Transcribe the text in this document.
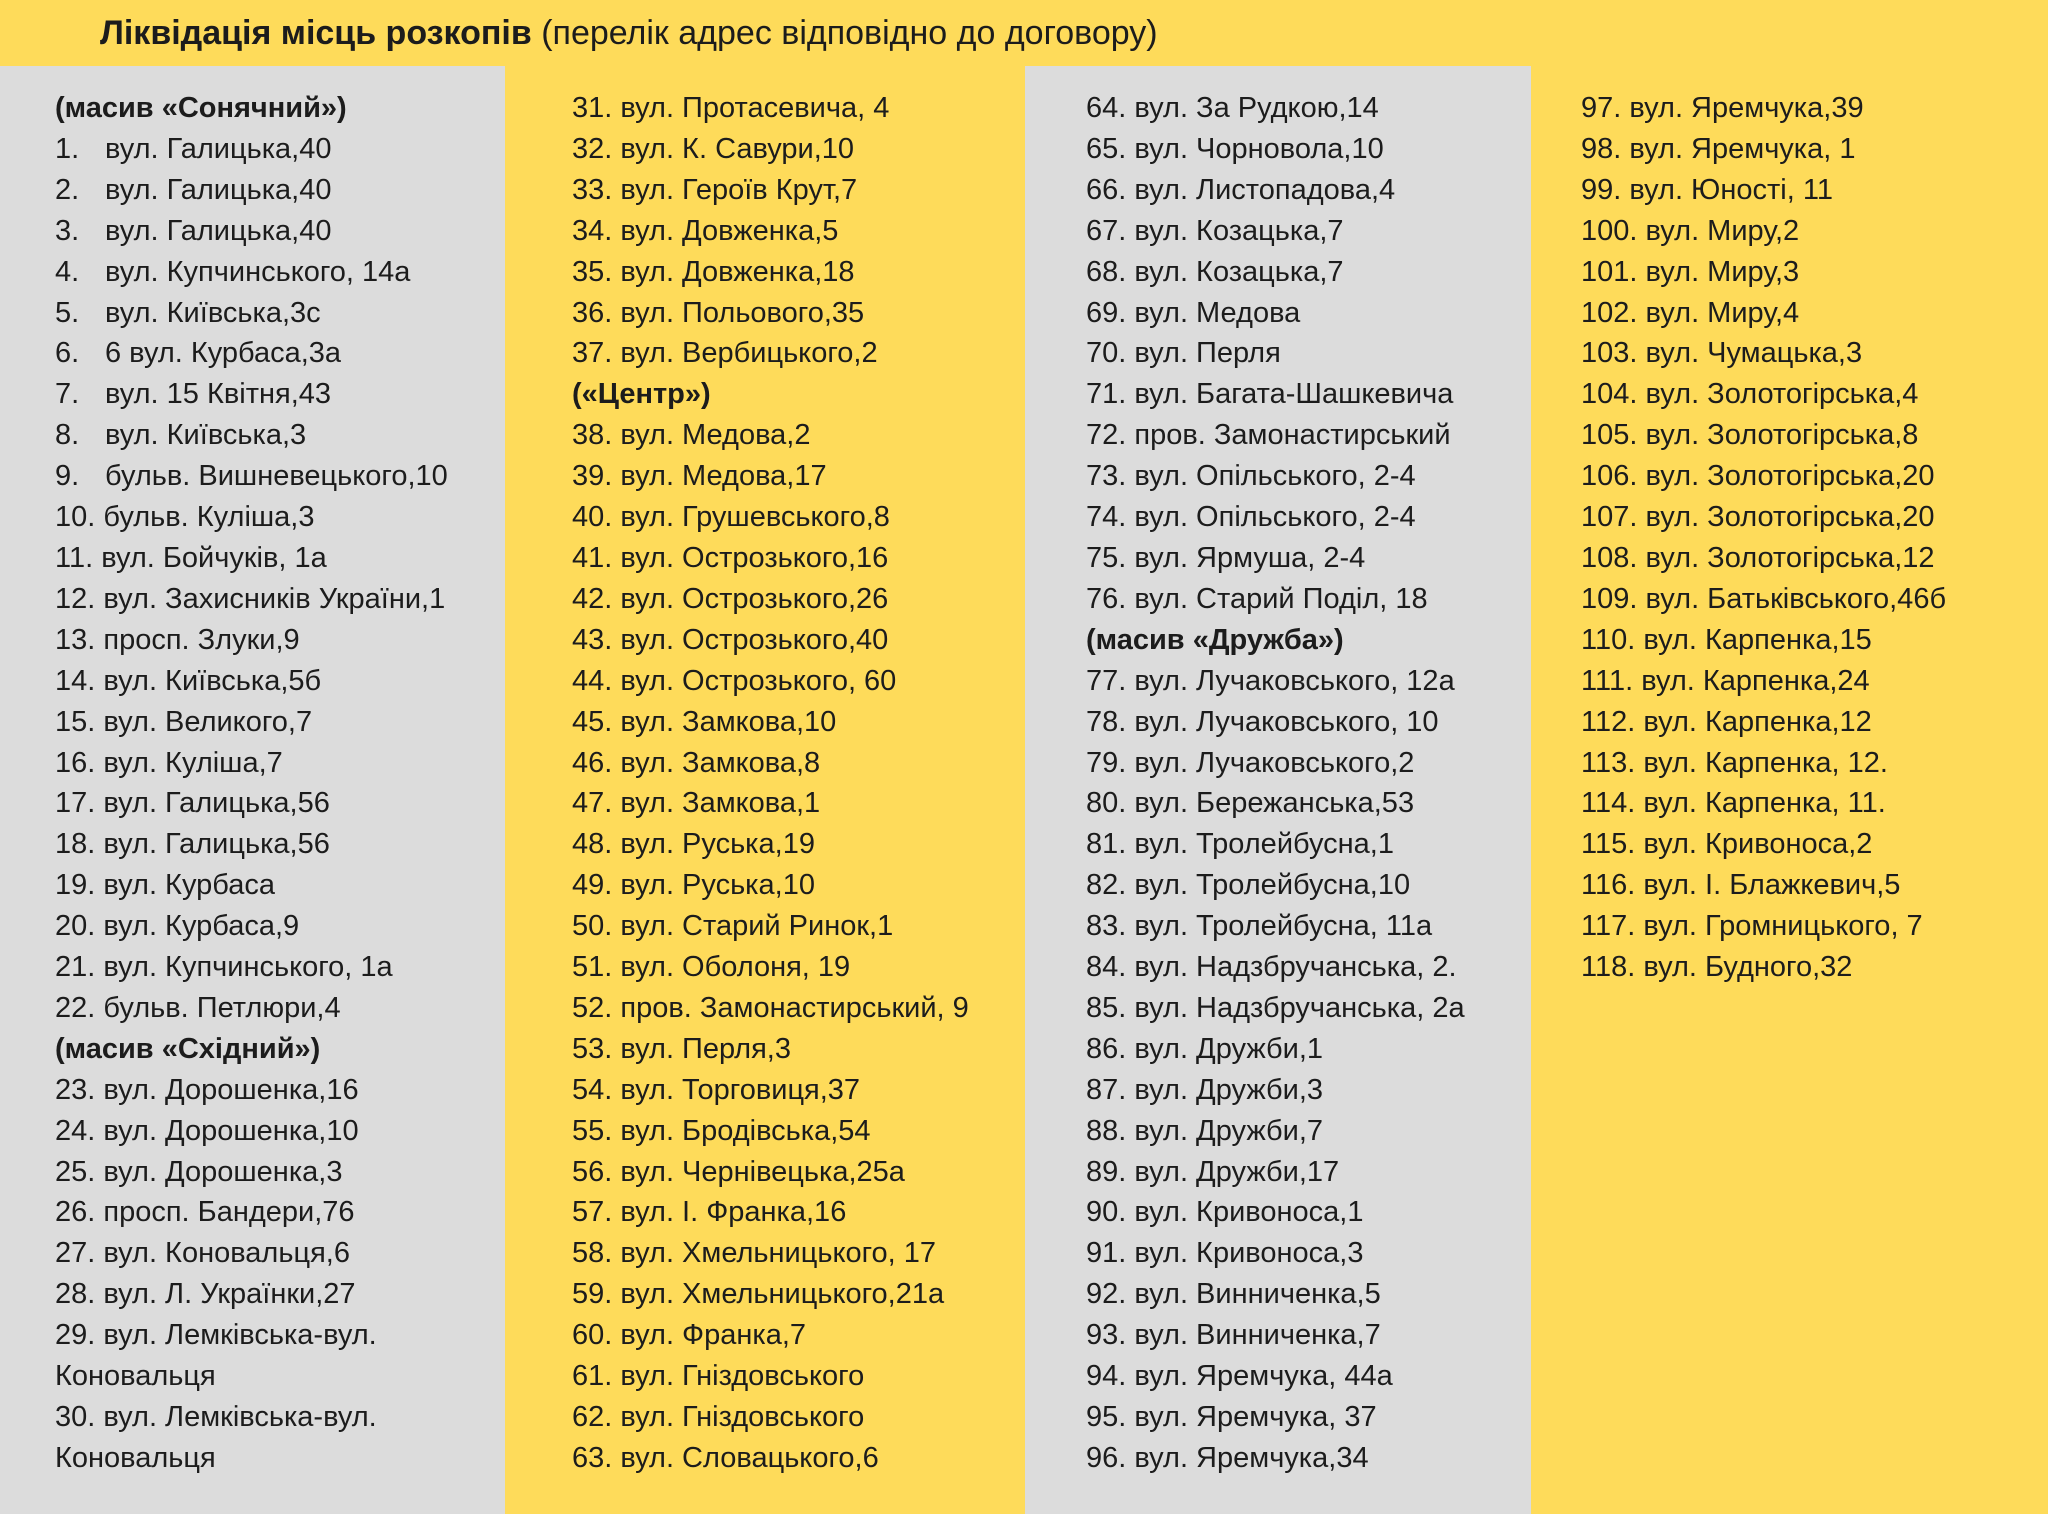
Ліквідація місць розкопів (перелік адрес відповідно до договору)
(масив «Сонячний»)
1. вул. Галицька,40
2. вул. Галицька,40
3. вул. Галицька,40
4. вул. Купчинського, 14а
5. вул. Київська,3с
6. 6 вул. Курбаса,3а
7. вул. 15 Квітня,43
8. вул. Київська,3
9. бульв. Вишневецького,10
10. бульв. Куліша,3
11. вул. Бойчуків, 1а
12. вул. Захисників України,1
13. просп. Злуки,9
14. вул. Київська,5б
15. вул. Великого,7
16. вул. Куліша,7
17. вул. Галицька,56
18. вул. Галицька,56
19. вул. Курбаса
20. вул. Курбаса,9
21. вул. Купчинського, 1а
22. бульв. Петлюри,4
(масив «Східний»)
23. вул. Дорошенка,16
24. вул. Дорошенка,10
25. вул. Дорошенка,3
26. просп. Бандери,76
27. вул. Коновальця,6
28. вул. Л. Українки,27
29. вул. Лемківська-вул.
Коновальця
30. вул. Лемківська-вул.
Коновальця
31. вул. Протасевича, 4
32. вул. К. Савури,10
33. вул. Героїв Крут,7
34. вул. Довженка,5
35. вул. Довженка,18
36. вул. Польового,35
37. вул. Вербицького,2
(«Центр»)
38. вул. Медова,2
39. вул. Медова,17
40. вул. Грушевського,8
41. вул. Острозького,16
42. вул. Острозького,26
43. вул. Острозького,40
44. вул. Острозького, 60
45. вул. Замкова,10
46. вул. Замкова,8
47. вул. Замкова,1
48. вул. Руська,19
49. вул. Руська,10
50. вул. Старий Ринок,1
51. вул. Оболоня, 19
52. пров. Замонастирський, 9
53. вул. Перля,3
54. вул. Торговиця,37
55. вул. Бродівська,54
56. вул. Чернівецька,25а
57. вул. І. Франка,16
58. вул. Хмельницького, 17
59. вул. Хмельницького,21а
60. вул. Франка,7
61. вул. Гніздовського
62. вул. Гніздовського
63. вул. Словацького,6
64. вул. За Рудкою,14
65. вул. Чорновола,10
66. вул. Листопадова,4
67. вул. Козацька,7
68. вул. Козацька,7
69. вул. Медова
70. вул. Перля
71. вул. Багата-Шашкевича
72. пров. Замонастирський
73. вул. Опільського, 2-4
74. вул. Опільського, 2-4
75. вул. Ярмуша, 2-4
76. вул. Старий Поділ, 18
(масив «Дружба»)
77. вул. Лучаковського, 12а
78. вул. Лучаковського, 10
79. вул. Лучаковського,2
80. вул. Бережанська,53
81. вул. Тролейбусна,1
82. вул. Тролейбусна,10
83. вул. Тролейбусна, 11а
84. вул. Надзбручанська, 2.
85. вул. Надзбручанська, 2а
86. вул. Дружби,1
87. вул. Дружби,3
88. вул. Дружби,7
89. вул. Дружби,17
90. вул. Кривоноса,1
91. вул. Кривоноса,3
92. вул. Винниченка,5
93. вул. Винниченка,7
94. вул. Яремчука, 44а
95. вул. Яремчука, 37
96. вул. Яремчука,34
97. вул. Яремчука,39
98. вул. Яремчука, 1
99. вул. Юності, 11
100. вул. Миру,2
101. вул. Миру,3
102. вул. Миру,4
103. вул. Чумацька,3
104. вул. Золотогірська,4
105. вул. Золотогірська,8
106. вул. Золотогірська,20
107. вул. Золотогірська,20
108. вул. Золотогірська,12
109. вул. Батьківського,46б
110. вул. Карпенка,15
111. вул. Карпенка,24
112. вул. Карпенка,12
113. вул. Карпенка, 12.
114. вул. Карпенка, 11.
115. вул. Кривоноса,2
116. вул. І. Блажкевич,5
117. вул. Громницького, 7
118. вул. Будного,32
